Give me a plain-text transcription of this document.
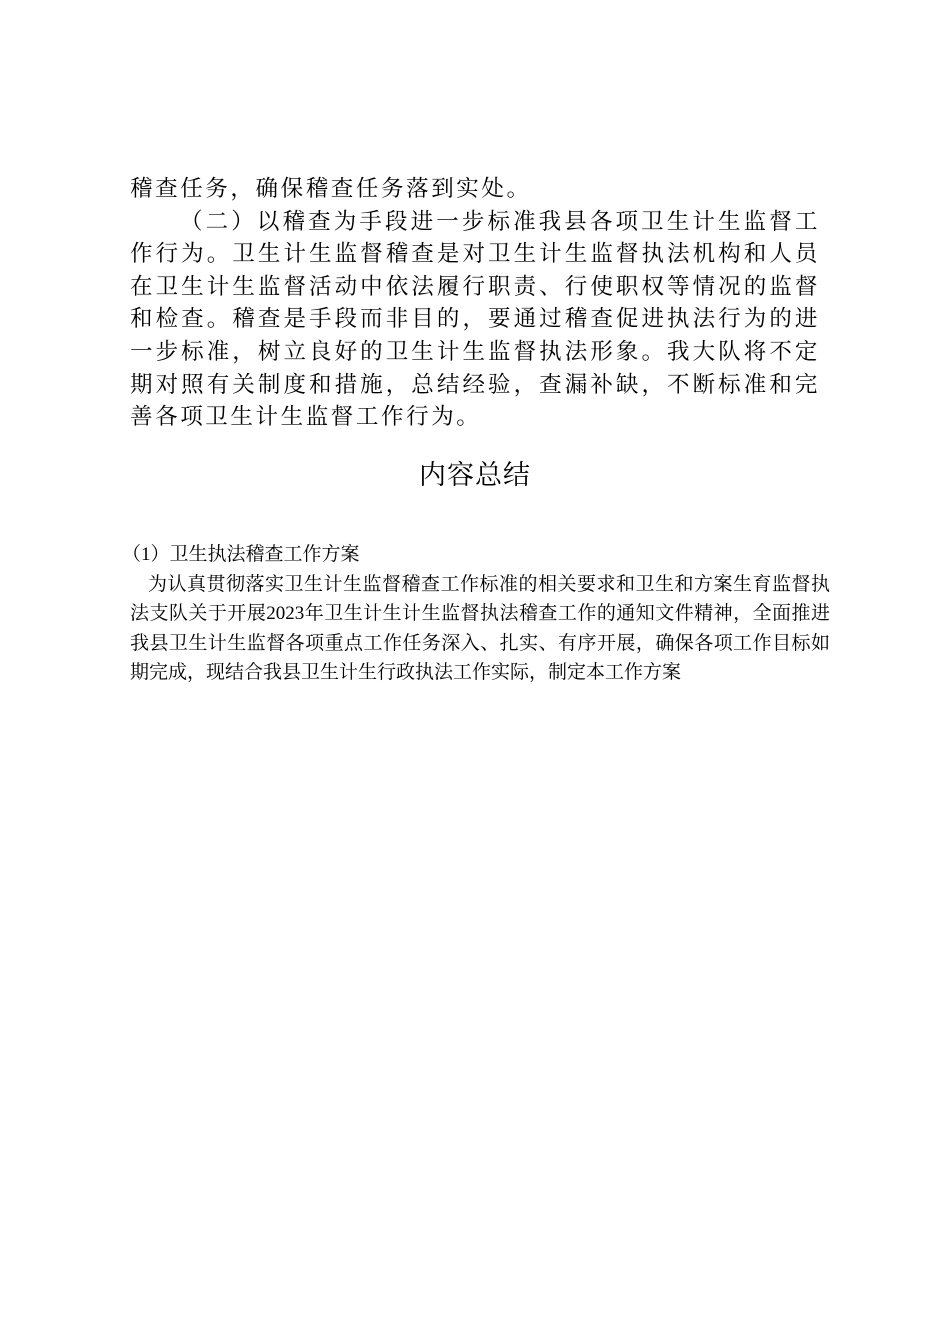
稽查任务，确保稽查任务落到实处。

（二）以稽查为手段进一步标准我县各项卫生计生监督工作行为。卫生计生监督稽查是对卫生计生监督执法机构和人员在卫生计生监督活动中依法履行职责、行使职权等情况的监督和检查。稽查是手段而非目的，要通过稽查促进执法行为的进一步标准，树立良好的卫生计生监督执法形象。我大队将不定期对照有关制度和措施，总结经验，查漏补缺，不断标准和完善各项卫生计生监督工作行为。

内容总结

（1）卫生执法稽查工作方案

为认真贯彻落实卫生计生监督稽查工作标准的相关要求和卫生和方案生育监督执法支队关于开展2023年卫生计生计生监督执法稽查工作的通知文件精神，全面推进我县卫生计生监督各项重点工作任务深入、扎实、有序开展，确保各项工作目标如期完成，现结合我县卫生计生行政执法工作实际，制定本工作方案
